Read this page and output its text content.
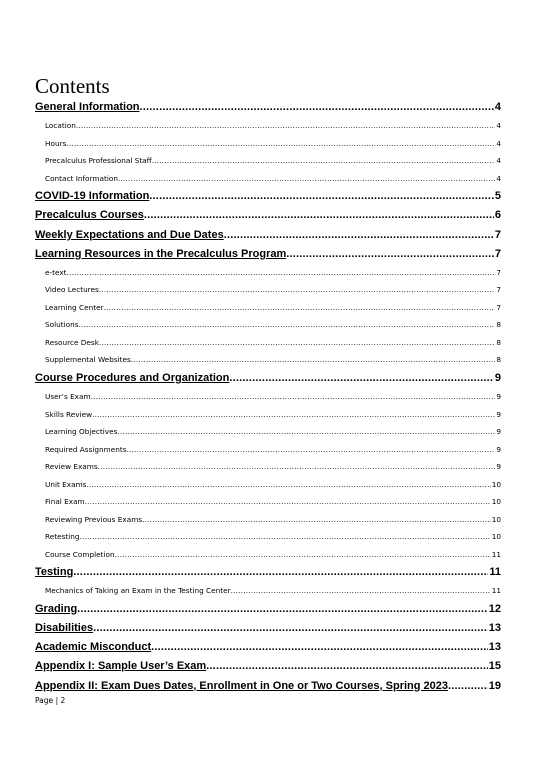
Contents
General Information .....	4
Location .....	4
Hours .....	4
Precalculus Professional Staff .....	4
Contact Information .....	4
COVID-19 Information .....	5
Precalculus Courses .....	6
Weekly Expectations and Due Dates .....	7
Learning Resources in the Precalculus Program .....	7
e-text .....	7
Video Lectures .....	7
Learning Center .....	7
Solutions .....	8
Resource Desk .....	8
Supplemental Websites .....	8
Course Procedures and Organization .....	9
User’s Exam .....	9
Skills Review .....	9
Learning Objectives .....	9
Required Assignments .....	9
Review Exams .....	9
Unit Exams .....	10
Final Exam .....	10
Reviewing Previous Exams .....	10
Retesting .....	10
Course Completion .....	11
Testing .....	11
Mechanics of Taking an Exam in the Testing Center .....	11
Grading .....	12
Disabilities .....	13
Academic Misconduct .....	13
Appendix I: Sample User’s Exam .....	15
Appendix II: Exam Dues Dates, Enrollment in One or Two Courses, Spring 2023 .....	19
Page | 2
